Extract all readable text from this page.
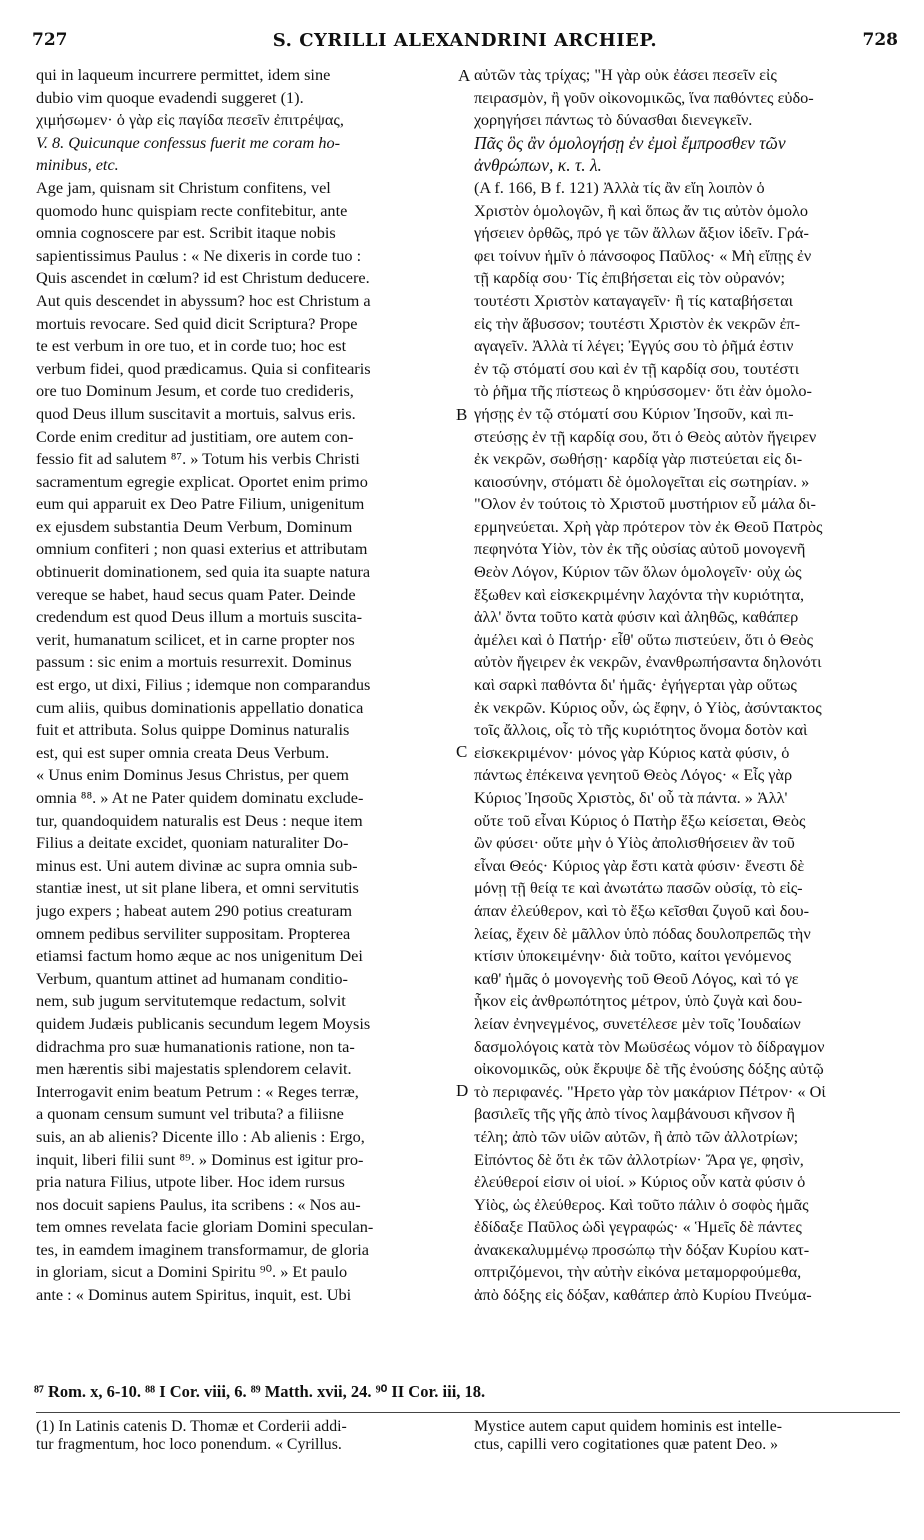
727	S. CYRILLI ALEXANDRINI ARCHIEP.	728
qui in laqueum incurrere permittet, idem sine
dubio vim quoque evadendi suggeret (1).
χιμήσωμεν· ὁ γὰρ εἰς παγίδα πεσεῖν ἐπιτρέψας,
V. 8. Quicunque confessus fuerit me coram ho-
minibus, etc.
Age jam, quisnam sit Christum confitens, vel
quomodo hunc quispiam recte confitebitur, ante
omnia cognoscere par est. Scribit itaque nobis
sapientissimus Paulus : « Ne dixeris in corde tuo :
Quis ascendet in cœlum? id est Christum deducere.
Aut quis descendet in abyssum? hoc est Christum a
mortuis revocare. Sed quid dicit Scriptura? Prope
te est verbum in ore tuo, et in corde tuo; hoc est
verbum fidei, quod prædicamus. Quia si confitearis
ore tuo Dominum Jesum, et corde tuo credideris,
quod Deus illum suscitavit a mortuis, salvus eris.
Corde enim creditur ad justitiam, ore autem con-
fessio fit ad salutem ⁸⁷. » Totum his verbis Christi
sacramentum egregie explicat. Oportet enim primo
eum qui apparuit ex Deo Patre Filium, unigenitum
ex ejusdem substantia Deum Verbum, Dominum
omnium confiteri ; non quasi exterius et attributam
obtinuerit dominationem, sed quia ita suapte natura
vereque se habet, haud secus quam Pater. Deinde
credendum est quod Deus illum a mortuis suscita-
verit, humanatum scilicet, et in carne propter nos
passum : sic enim a mortuis resurrexit. Dominus
est ergo, ut dixi, Filius ; idemque non comparandus
cum aliis, quibus dominationis appellatio donatica
fuit et attributa. Solus quippe Dominus naturalis
est, qui est super omnia creata Deus Verbum.
« Unus enim Dominus Jesus Christus, per quem
omnia ⁸⁸. » At ne Pater quidem dominatu exclude-
tur, quandoquidem naturalis est Deus : neque item
Filius a deitate excidet, quoniam naturaliter Do-
minus est. Uni autem divinæ ac supra omnia sub-
stantiæ inest, ut sit plane libera, et omni servitutis
jugo expers ; habeat autem 290 potius creaturam
omnem pedibus serviliter suppositam. Propterea
etiamsi factum homo æque ac nos unigenitum Dei
Verbum, quantum attinet ad humanam conditio-
nem, sub jugum servitutemque redactum, solvit
quidem Judæis publicanis secundum legem Moysis
didrachma pro suæ humanationis ratione, non ta-
men hærentis sibi majestatis splendorem celavit.
Interrogavit enim beatum Petrum : « Reges terræ,
a quonam censum sumunt vel tributa? a filiisne
suis, an ab alienis? Dicente illo : Ab alienis : Ergo,
inquit, liberi filii sunt ⁸⁹. » Dominus est igitur pro-
pria natura Filius, utpote liber. Hoc idem rursus
nos docuit sapiens Paulus, ita scribens : « Nos au-
tem omnes revelata facie gloriam Domini speculan-
tes, in eamdem imaginem transformamur, de gloria
in gloriam, sicut a Domini Spiritu ⁹⁰. » Et paulo
ante : « Dominus autem Spiritus, inquit, est. Ubi
αὐτῶν τὰς τρίχας; "Η γὰρ οὐκ ἐάσει πεσεῖν εἰς
πειρασμὸν, ἢ γοῦν οἰκονομικῶς, ἵνα παθόντες εὐδο-
χορηγήσει πάντως τὸ δύνασθαι διενεγκεῖν.
Πᾶς ὃς ἂν ὁμολογήσῃ ἐν ἐμοὶ ἔμπροσθεν τῶν
ἀνθρώπων, κ. τ. λ.
(A f. 166, B f. 121) Ἀλλὰ τίς ἂν εἴη λοιπὸν ὁ
Χριστὸν ὁμολογῶν, ἢ καὶ ὅπως ἄν τις αὐτὸν ὁμολο
γήσειεν ὀρθῶς, πρό γε τῶν ἄλλων ἄξιον ἰδεῖν. Γρά-
φει τοίνυν ἡμῖν ὁ πάνσοφος Παῦλος· « Μὴ εἴπῃς ἐν
τῇ καρδίᾳ σου· Τίς ἐπιβήσεται εἰς τὸν οὐρανόν;
τουτέστι Χριστὸν καταγαγεῖν· ἢ τίς καταβήσεται
εἰς τὴν ἄβυσσον; τουτέστι Χριστὸν ἐκ νεκρῶν ἐπ-
αγαγεῖν. Ἀλλὰ τί λέγει; Ἐγγύς σου τὸ ῥῆμά ἐστιν
ἐν τῷ στόματί σου καὶ ἐν τῇ καρδίᾳ σου, τουτέστι
τὸ ῥῆμα τῆς πίστεως ὃ κηρύσσομεν· ὅτι ἐὰν ὁμολο-
γήσῃς ἐν τῷ στόματί σου Κύριον Ἰησοῦν, καὶ πι-
στεύσῃς ἐν τῇ καρδίᾳ σου, ὅτι ὁ Θεὸς αὐτὸν ἤγειρεν
ἐκ νεκρῶν, σωθήσῃ· καρδίᾳ γὰρ πιστεύεται εἰς δι-
καιοσύνην, στόματι δὲ ὁμολογεῖται εἰς σωτηρίαν. »
"Ολον ἐν τούτοις τὸ Χριστοῦ μυστήριον εὖ μάλα δι-
ερμηνεύεται. Χρὴ γὰρ πρότερον τὸν ἐκ Θεοῦ Πατρὸς
πεφηνότα Υἱὸν, τὸν ἐκ τῆς οὐσίας αὐτοῦ μονογενῆ
Θεὸν Λόγον, Κύριον τῶν ὅλων ὁμολογεῖν· οὐχ ὡς
ἔξωθεν καὶ εἰσκεκριμένην λαχόντα τὴν κυριότητα,
ἀλλ' ὄντα τοῦτο κατὰ φύσιν καὶ ἀληθῶς, καθάπερ
ἀμέλει καὶ ὁ Πατήρ· εἶθ' οὕτω πιστεύειν, ὅτι ὁ Θεὸς
αὐτὸν ἤγειρεν ἐκ νεκρῶν, ἐνανθρωπήσαντα δηλονότι
καὶ σαρκὶ παθόντα δι' ἡμᾶς· ἐγήγερται γὰρ οὕτως
ἐκ νεκρῶν. Κύριος οὖν, ὡς ἔφην, ὁ Υἱὸς, ἀσύντακτος
τοῖς ἄλλοις, οἷς τὸ τῆς κυριότητος ὄνομα δοτὸν καὶ
εἰσκεκριμένον· μόνος γὰρ Κύριος κατὰ φύσιν, ὁ
πάντως ἐπέκεινα γενητοῦ Θεὸς Λόγος· « Εἷς γὰρ
Κύριος Ἰησοῦς Χριστὸς, δι' οὗ τὰ πάντα. » Ἀλλ'
οὔτε τοῦ εἶναι Κύριος ὁ Πατὴρ ἔξω κείσεται, Θεὸς
ὢν φύσει· οὔτε μὴν ὁ Υἱὸς ἀπολισθήσειεν ἂν τοῦ
εἶναι Θεός· Κύριος γὰρ ἔστι κατὰ φύσιν· ἔνεστι δὲ
μόνῃ τῇ θείᾳ τε καὶ ἀνωτάτω πασῶν οὐσίᾳ, τὸ εἰς-
άπαν ἐλεύθερον, καὶ τὸ ἔξω κεῖσθαι ζυγοῦ καὶ δου-
λείας, ἔχειν δὲ μᾶλλον ὑπὸ πόδας δουλοπρεπῶς τὴν
κτίσιν ὑποκειμένην· διὰ τοῦτο, καίτοι γενόμενος
καθ' ἡμᾶς ὁ μονογενὴς τοῦ Θεοῦ Λόγος, καὶ τό γε
ἧκον εἰς ἀνθρωπότητος μέτρον, ὑπὸ ζυγὰ καὶ δου-
λείαν ἐνηνεγμένος, συνετέλεσε μὲν τοῖς Ἰουδαίων
δασμολόγοις κατὰ τὸν Μωϋσέως νόμον τὸ δίδραγμον
οἰκονομικῶς, οὐκ ἔκρυψε δὲ τῆς ἐνούσης δόξης αὐτῷ
τὸ περιφανές. "Ηρετο γὰρ τὸν μακάριον Πέτρον· « Οἱ
βασιλεῖς τῆς γῆς ἀπὸ τίνος λαμβάνουσι κῆνσον ἢ
τέλη; ἀπὸ τῶν υἱῶν αὐτῶν, ἢ ἀπὸ τῶν ἀλλοτρίων;
Εἰπόντος δὲ ὅτι ἐκ τῶν ἀλλοτρίων· Ἄρα γε, φησὶν,
ἐλεύθεροί εἰσιν οἱ υἱοί. » Κύριος οὖν κατὰ φύσιν ὁ
Υἱὸς, ὡς ἐλεύθερος. Καὶ τοῦτο πάλιν ὁ σοφὸς ἡμᾶς
ἐδίδαξε Παῦλος ὡδὶ γεγραφώς· « Ἡμεῖς δὲ πάντες
ἀνακεκαλυμμένῳ προσώπῳ τὴν δόξαν Κυρίου κατ-
οπτριζόμενοι, τὴν αὐτὴν εἰκόνα μεταμορφούμεθα,
ἀπὸ δόξης εἰς δόξαν, καθάπερ ἀπὸ Κυρίου Πνεύμα-
A
B
C
D
⁸⁷ Rom. x, 6-10. ⁸⁸ I Cor. viii, 6. ⁸⁹ Matth. xvii, 24. ⁹⁰ II Cor. iii, 18.
(1) In Latinis catenis D. Thomæ et Corderii addi-
tur fragmentum, hoc loco ponendum. « Cyrillus.
Mystice autem caput quidem hominis est intelle-
ctus, capilli vero cogitationes quæ patent Deo. »
